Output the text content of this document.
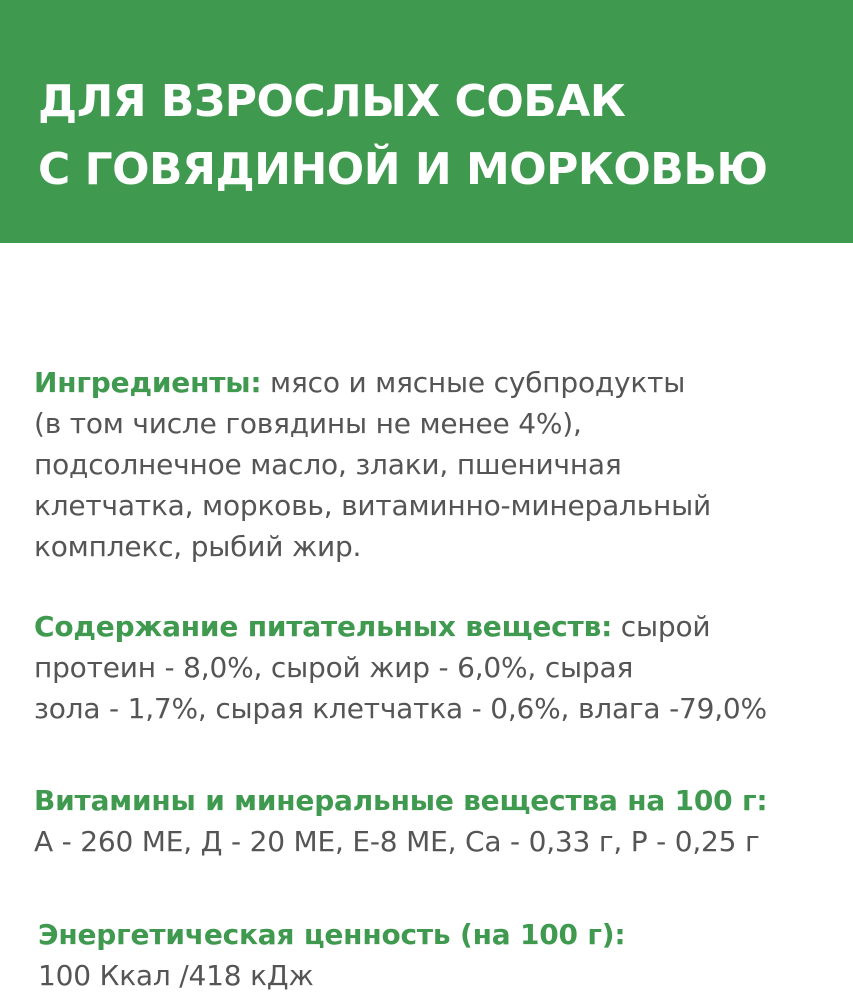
ДЛЯ ВЗРОСЛЫХ СОБАК
С ГОВЯДИНОЙ И МОРКОВЬЮ

Ингредиенты: мясо и мясные субпродукты
(в том числе говядины не менее 4%),
подсолнечное масло, злаки, пшеничная
клетчатка, морковь, витаминно-минеральный
комплекс, рыбий жир.

Содержание питательных веществ: сырой
протеин - 8,0%, сырой жир - 6,0%, сырая
зола - 1,7%, сырая клетчатка - 0,6%, влага -79,0%

Витамины и минеральные вещества на 100 г:
А - 260 МЕ, Д - 20 МЕ, Е-8 МЕ, Са - 0,33 г, Р - 0,25 г

Энергетическая ценность (на 100 г):
100 Ккал /418 кДж
